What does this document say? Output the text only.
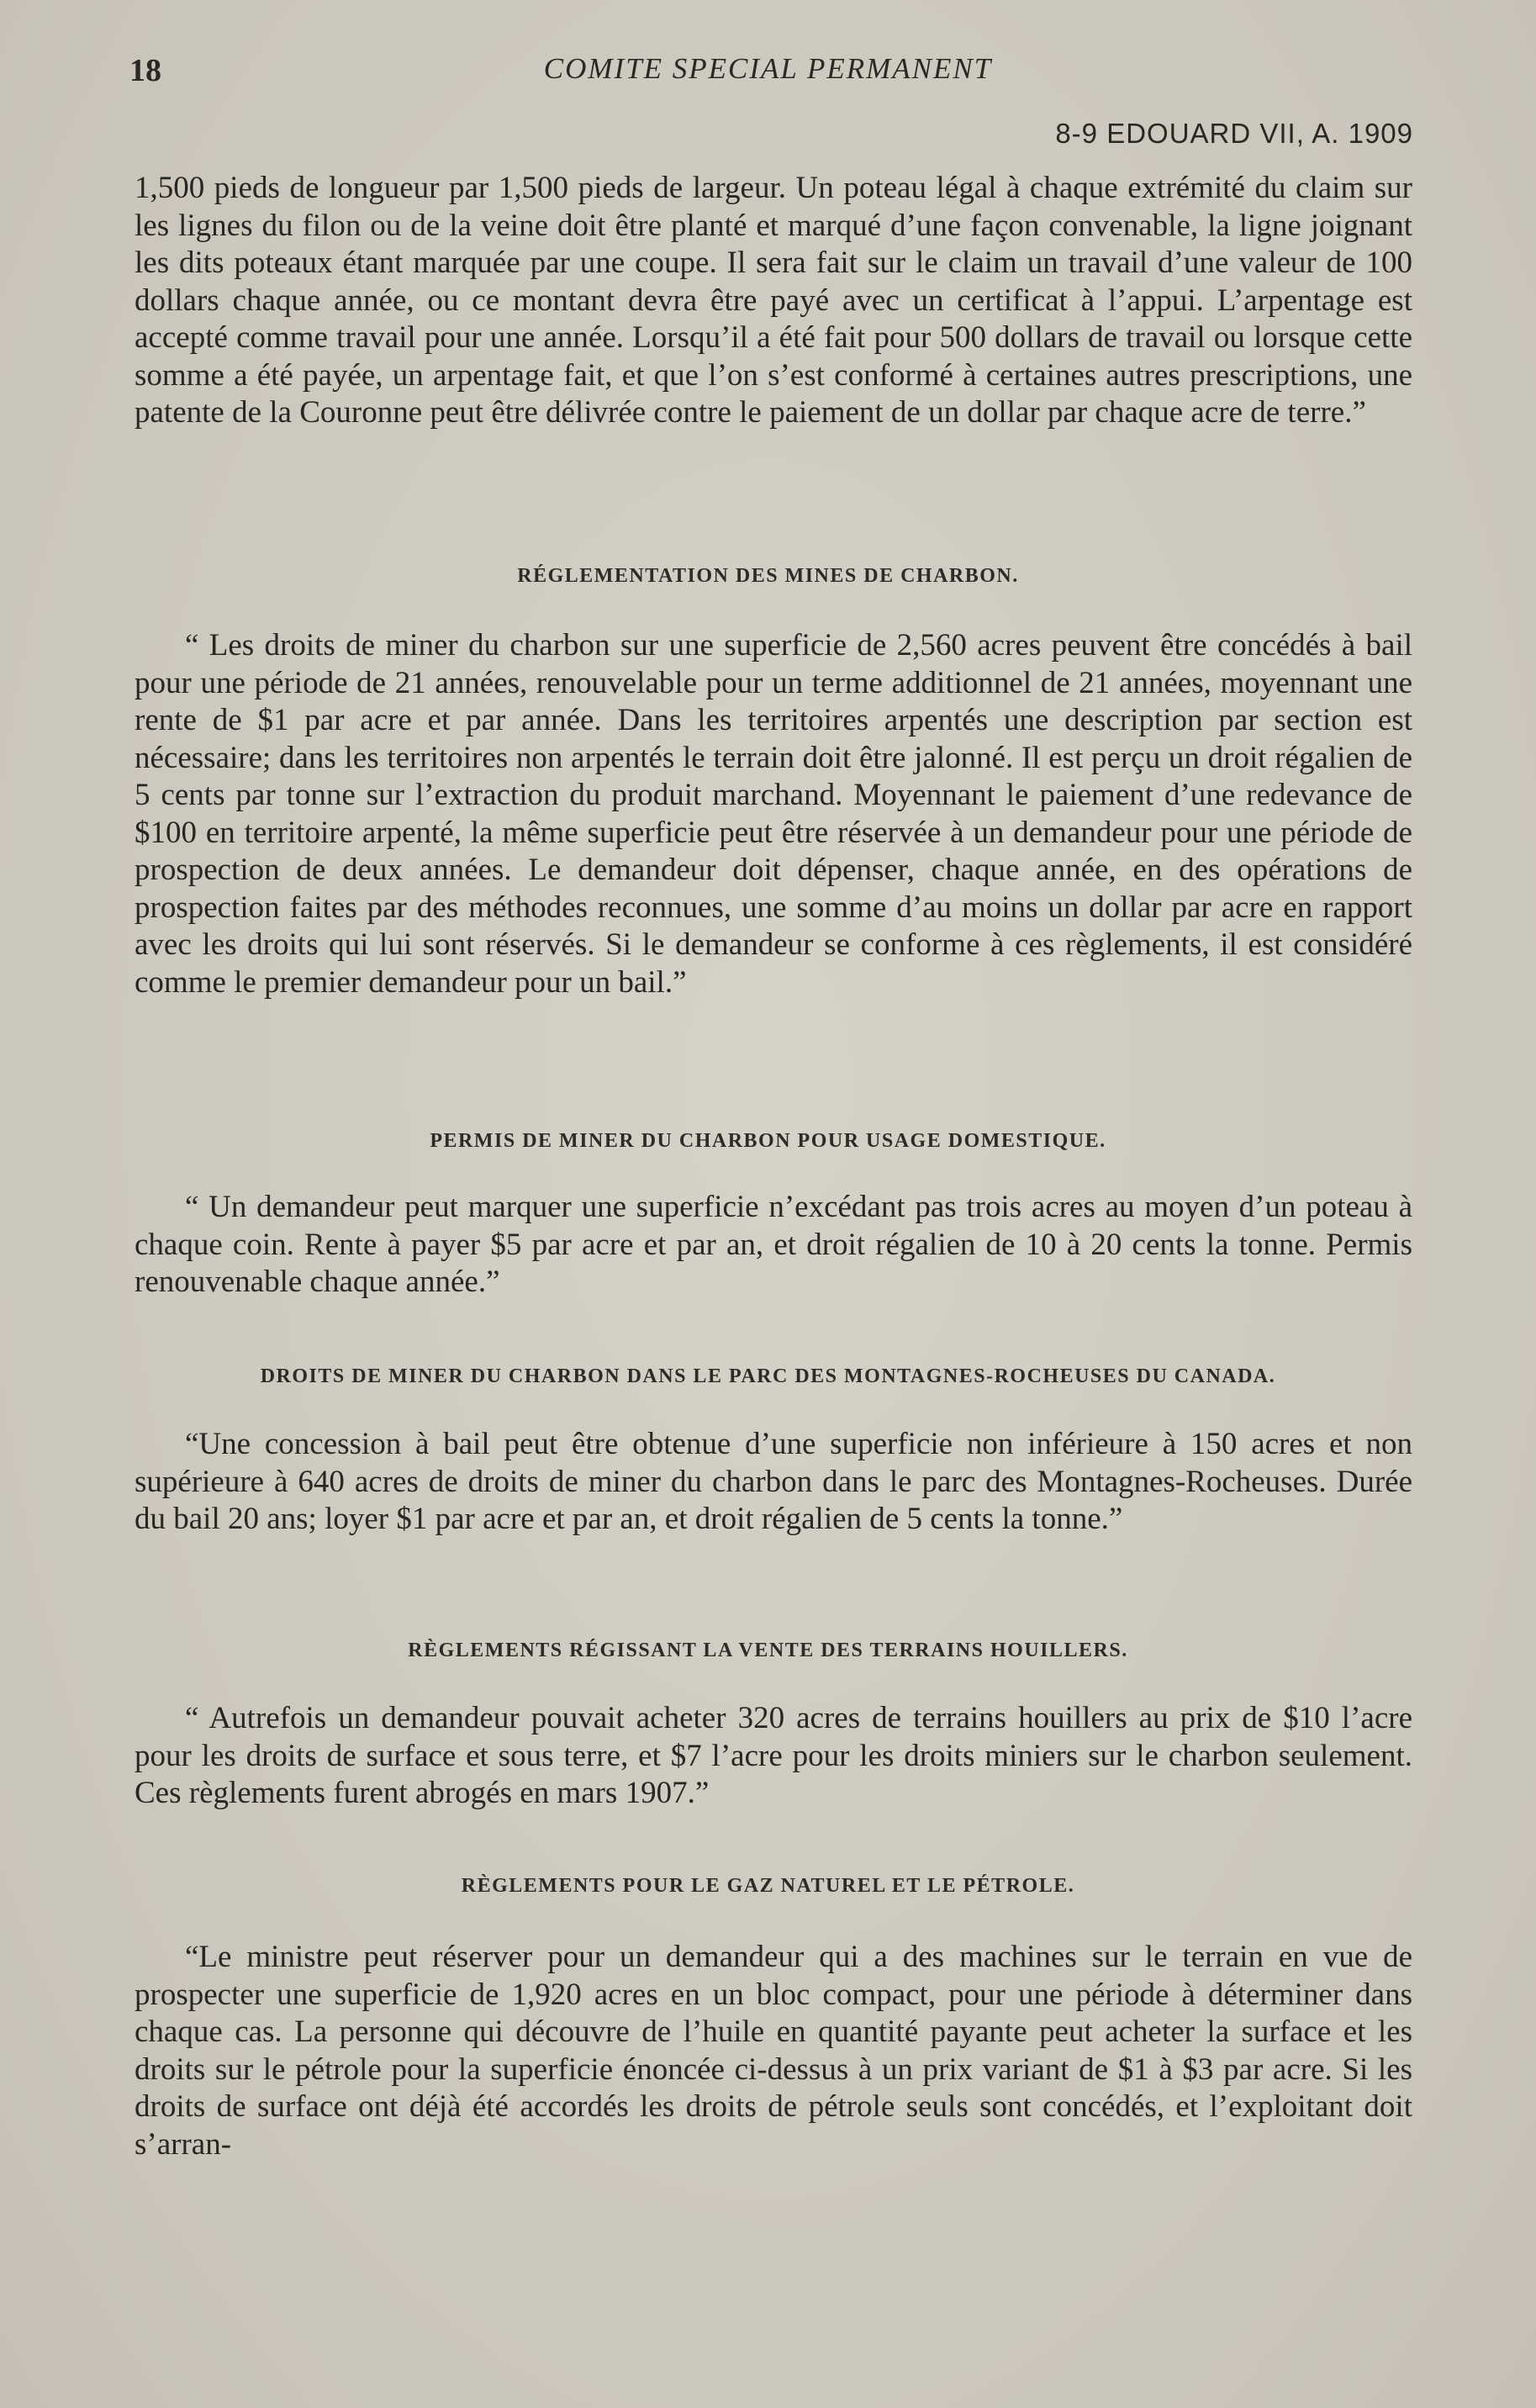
18	COMITE SPECIAL PERMANENT
8-9 EDOUARD VII, A. 1909

1,500 pieds de longueur par 1,500 pieds de largeur. Un poteau légal à chaque extrémité du claim sur les lignes du filon ou de la veine doit être planté et marqué d’une façon convenable, la ligne joignant les dits poteaux étant marquée par une coupe. Il sera fait sur le claim un travail d’une valeur de 100 dollars chaque année, ou ce montant devra être payé avec un certificat à l’appui. L’arpentage est accepté comme travail pour une année. Lorsqu’il a été fait pour 500 dollars de travail ou lorsque cette somme a été payée, un arpentage fait, et que l’on s’est conformé à certaines autres prescriptions, une patente de la Couronne peut être délivrée contre le paiement de un dollar par chaque acre de terre.”

RÉGLEMENTATION DES MINES DE CHARBON.

“ Les droits de miner du charbon sur une superficie de 2,560 acres peuvent être concédés à bail pour une période de 21 années, renouvelable pour un terme additionnel de 21 années, moyennant une rente de $1 par acre et par année. Dans les territoires arpentés une description par section est nécessaire; dans les territoires non arpentés le terrain doit être jalonné. Il est perçu un droit régalien de 5 cents par tonne sur l’extraction du produit marchand. Moyennant le paiement d’une redevance de $100 en territoire arpenté, la même superficie peut être réservée à un demandeur pour une période de prospection de deux années. Le demandeur doit dépenser, chaque année, en des opérations de prospection faites par des méthodes reconnues, une somme d’au moins un dollar par acre en rapport avec les droits qui lui sont réservés. Si le demandeur se conforme à ces règlements, il est considéré comme le premier demandeur pour un bail.”

PERMIS DE MINER DU CHARBON POUR USAGE DOMESTIQUE.

“ Un demandeur peut marquer une superficie n’excédant pas trois acres au moyen d’un poteau à chaque coin. Rente à payer $5 par acre et par an, et droit régalien de 10 à 20 cents la tonne. Permis renouvenable chaque année.”

DROITS DE MINER DU CHARBON DANS LE PARC DES MONTAGNES-ROCHEUSES DU CANADA.

“Une concession à bail peut être obtenue d’une superficie non inférieure à 150 acres et non supérieure à 640 acres de droits de miner du charbon dans le parc des Montagnes-Rocheuses. Durée du bail 20 ans; loyer $1 par acre et par an, et droit régalien de 5 cents la tonne.”

RÈGLEMENTS RÉGISSANT LA VENTE DES TERRAINS HOUILLERS.

“ Autrefois un demandeur pouvait acheter 320 acres de terrains houillers au prix de $10 l’acre pour les droits de surface et sous terre, et $7 l’acre pour les droits miniers sur le charbon seulement. Ces règlements furent abrogés en mars 1907.”

RÈGLEMENTS POUR LE GAZ NATUREL ET LE PÉTROLE.

“Le ministre peut réserver pour un demandeur qui a des machines sur le terrain en vue de prospecter une superficie de 1,920 acres en un bloc compact, pour une période à déterminer dans chaque cas. La personne qui découvre de l’huile en quantité payante peut acheter la surface et les droits sur le pétrole pour la superficie énoncée ci-dessus à un prix variant de $1 à $3 par acre. Si les droits de surface ont déjà été accordés les droits de pétrole seuls sont concédés, et l’exploitant doit s’arran-
